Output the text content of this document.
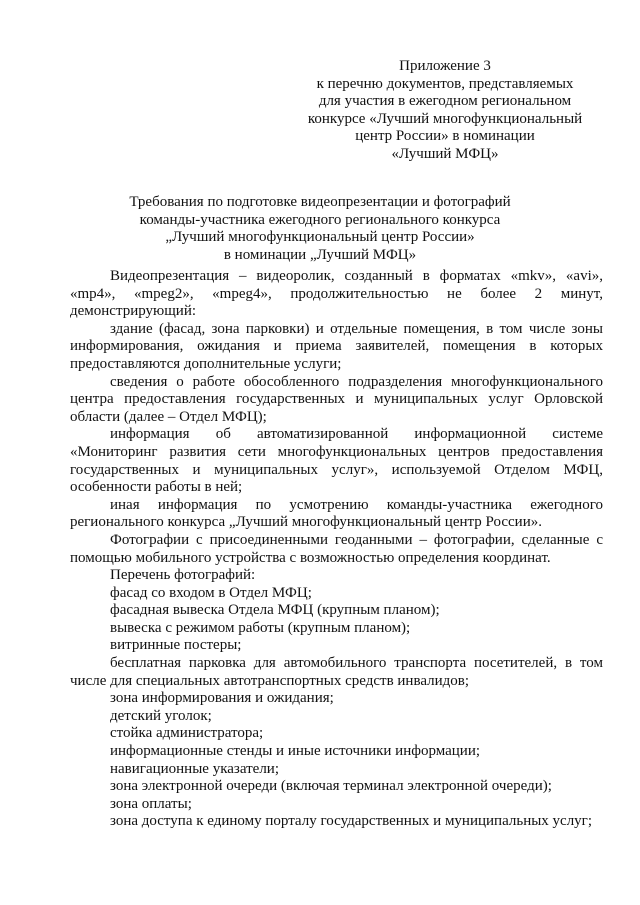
Приложение 3
к перечню документов, представляемых
для участия в ежегодном региональном
конкурсе «Лучший многофункциональный
центр России» в номинации
«Лучший МФЦ»
Требования по подготовке видеопрезентации и фотографий
команды-участника ежегодного регионального конкурса
„Лучший многофункциональный центр России»
в номинации „Лучший МФЦ»

Видеопрезентация – видеоролик, созданный в форматах «mkv», «avi», «mp4», «mpeg2», «mpeg4», продолжительностью не более 2 минут, демонстрирующий:

здание (фасад, зона парковки) и отдельные помещения, в том числе зоны информирования, ожидания и приема заявителей, помещения в которых предоставляются дополнительные услуги;

сведения о работе обособленного подразделения многофункционального центра предоставления государственных и муниципальных услуг Орловской области (далее – Отдел МФЦ);

информация об автоматизированной информационной системе «Мониторинг развития сети многофункциональных центров предоставления государственных и муниципальных услуг», используемой Отделом МФЦ, особенности работы в ней;

иная информация по усмотрению команды-участника ежегодного регионального конкурса „Лучший многофункциональный центр России».

Фотографии с присоединенными геоданными – фотографии, сделанные с помощью мобильного устройства с возможностью определения координат.

Перечень фотографий:

фасад со входом в Отдел МФЦ;

фасадная вывеска Отдела МФЦ (крупным планом);

вывеска с режимом работы (крупным планом);

витринные постеры;

бесплатная парковка для автомобильного транспорта посетителей, в том числе для специальных автотранспортных средств инвалидов;

зона информирования и ожидания;

детский уголок;

стойка администратора;

информационные стенды и иные источники информации;

навигационные указатели;

зона электронной очереди (включая терминал электронной очереди);

зона оплаты;

зона доступа к единому порталу государственных и муниципальных услуг;
